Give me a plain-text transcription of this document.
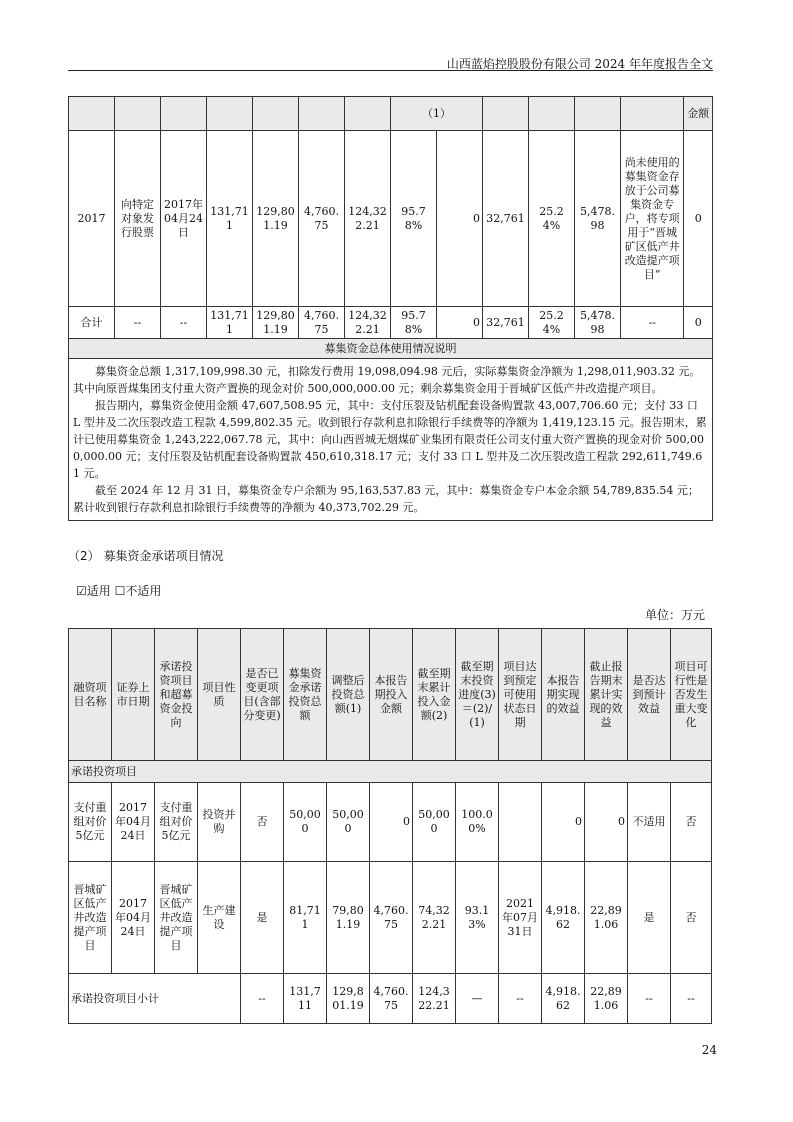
山西蓝焰控股股份有限公司 2024 年年度报告全文
							（1）						金额
2017	向特定对象发行股票	2017年04月24日	131,711	129,801.19	4,760.75	124,322.21	95.78%	0	32,761	25.24%	5,478.98	尚未使用的募集资金存放于公司募集资金专户，将专项用于“晋城矿区低产井改造提产项目”	0
合计	--	--	131,711	129,801.19	4,760.75	124,322.21	95.78%	0	32,761	25.24%	5,478.98	--	0
募集资金总体使用情况说明													

募集资金总额 1,317,109,998.30 元，扣除发行费用 19,098,094.98 元后，实际募集资金净额为 1,298,011,903.32 元。其中向原晋煤集团支付重大资产置换的现金对价 500,000,000.00 元；剩余募集资金用于晋城矿区低产井改造提产项目。

报告期内，募集资金使用金额 47,607,508.95 元，其中：支付压裂及钻机配套设备购置款 43,007,706.60 元；支付 33 口 L 型井及二次压裂改造工程款 4,599,802.35 元。收到银行存款利息扣除银行手续费等的净额为 1,419,123.15 元。报告期末，累计已使用募集资金 1,243,222,067.78 元，其中：向山西晋城无烟煤矿业集团有限责任公司支付重大资产置换的现金对价 500,000,000.00 元；支付压裂及钻机配套设备购置款 450,610,318.17 元；支付 33 口 L 型井及二次压裂改造工程款 292,611,749.61 元。

截至 2024 年 12 月 31 日，募集资金专户余额为 95,163,537.83 元，其中：募集资金专户本金余额 54,789,835.54 元；累计收到银行存款利息扣除银行手续费等的净额为 40,373,702.29 元。													

（2） 募集资金承诺项目情况
☑适用 ☐不适用
单位：万元
融资项目名称	证券上市日期	承诺投资项目和超募资金投向	项目性质	是否已变更项目(含部分变更)	募集资金承诺投资总额	调整后投资总额(1)	本报告期投入金额	截至期末累计投入金额(2)	截至期末投资进度(3)＝(2)/(1)	项目达到预定可使用状态日期	本报告期实现的效益	截止报告期末累计实现的效益	是否达到预计效益	项目可行性是否发生重大变化
承诺投资项目														
支付重组对价5亿元	2017年04月24日	支付重组对价5亿元	投资并购	否	50,000	50,000	0	50,000	100.00%		0	0	不适用	否
晋城矿区低产井改造提产项目	2017年04月24日	晋城矿区低产井改造提产项目	生产建设	是	81,711	79,801.19	4,760.75	74,322.21	93.13%	2021年07月31日	4,918.62	22,891.06	是	否
承诺投资项目小计				--	131,711	129,801.19	4,760.75	124,322.21	—	--	4,918.62	22,891.06	--	--
24
